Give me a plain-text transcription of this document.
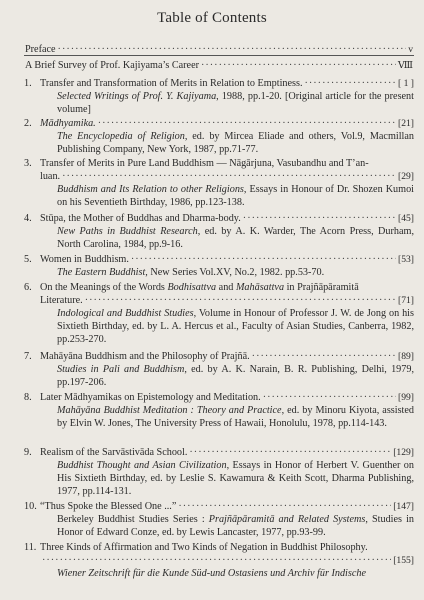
Table of Contents
Preface ·····	v
A Brief Survey of Prof. Kajiyama’s Career ·····	Ⅷ
1. Transfer and Transformation of Merits in Relation to Emptiness. ·····	[ 1 ]
Selected Writings of Prof. Y. Kajiyama, 1988, pp.1-20. [Original article for the present volume]
2. Mādhyamika. ·····	[21]
The Encyclopedia of Religion, ed. by Mircea Eliade and others, Vol.9, Macmillan Publishing Company, New York, 1987, pp.71-77.
3. Transfer of Merits in Pure Land Buddhism — Nāgārjuna, Vasubandhu and T’an-
luan. ·····	[29]
Buddhism and Its Relation to other Religions, Essays in Honour of Dr. Shozen Kumoi on his Seventieth Birthday, 1986, pp.123-138.
4. Stūpa, the Mother of Buddhas and Dharma-body. ·····	[45]
New Paths in Buddhist Research, ed. by A. K. Warder, The Acorn Press, Durham, North Carolina, 1984, pp.9-16.
5. Women in Buddhism. ·····	[53]
The Eastern Buddhist, New Series Vol.XV, No.2, 1982. pp.53-70.
6. On the Meanings of the Words Bodhisattva and Mahāsattva in Prajñāpāramitā
Literature. ·····	[71]
Indological and Buddhist Studies, Volume in Honour of Professor J. W. de Jong on his Sixtieth Birthday, ed. by L. A. Hercus et al., Faculty of Asian Studies, Canberra, 1982, pp.253-270.
7. Mahāyāna Buddhism and the Philosophy of Prajñā. ·····	[89]
Studies in Pali and Buddhism, ed. by A. K. Narain, B. R. Publishing, Delhi, 1979, pp.197-206.
8. Later Mādhyamikas on Epistemology and Meditation. ·····	[99]
Mahāyāna Buddhist Meditation : Theory and Practice, ed. by Minoru Kiyota, assisted by Elvin W. Jones, The University Press of Hawaii, Honolulu, 1978, pp.114-143.
9. Realism of the Sarvāstivāda School. ·····	[129]
Buddhist Thought and Asian Civilization, Essays in Honor of Herbert V. Guenther on His Sixtieth Birthday, ed. by Leslie S. Kawamura & Keith Scott, Dharma Publishing, 1977, pp.114-131.
10. “Thus Spoke the Blessed One ...” ·····	[147]
Berkeley Buddhist Studies Series : Prajñāpāramitā and Related Systems, Studies in Honor of Edward Conze, ed. by Lewis Lancaster, 1977, pp.93-99.
11. Three Kinds of Affirmation and Two Kinds of Negation in Buddhist Philosophy.
·····
[155]
Wiener Zeitschrift für die Kunde Süd-und Ostasiens und Archiv für Indische
